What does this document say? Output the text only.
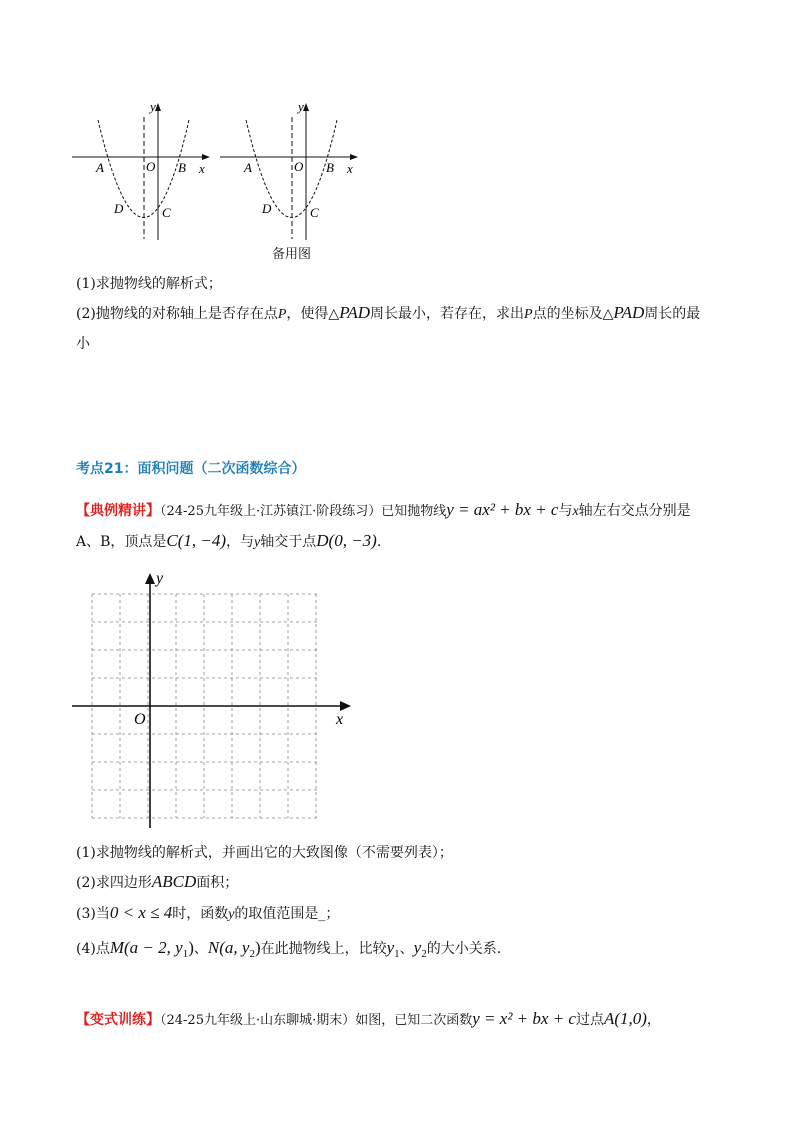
y
x
O
A	B
C
D
y
x
O
A	B
C
D
备用图
(1)求抛物线的解析式；
(2)抛物线的对称轴上是否存在点P，使得△PAD周长最小，若存在，求出P点的坐标及△PAD周长的最
小
考点21：面积问题（二次函数综合）
【典例精讲】（24-25九年级上·江苏镇江·阶段练习）已知抛物线y = ax² + bx + c与x轴左右交点分别是
A、B，顶点是C(1, −4)，与y轴交于点D(0, −3).
y
x
O
(1)求抛物线的解析式，并画出它的大致图像（不需要列表）；
(2)求四边形ABCD面积；
(3)当0 < x ≤ 4时，函数y的取值范围是_；
(4)点M(a − 2, $y_1$)、N(a, $y_2$)在此抛物线上，比较$y_1$、$y_2$的大小关系.
【变式训练】（24-25九年级上·山东聊城·期末）如图，已知二次函数y = x² + bx + c过点A(1,0)，
